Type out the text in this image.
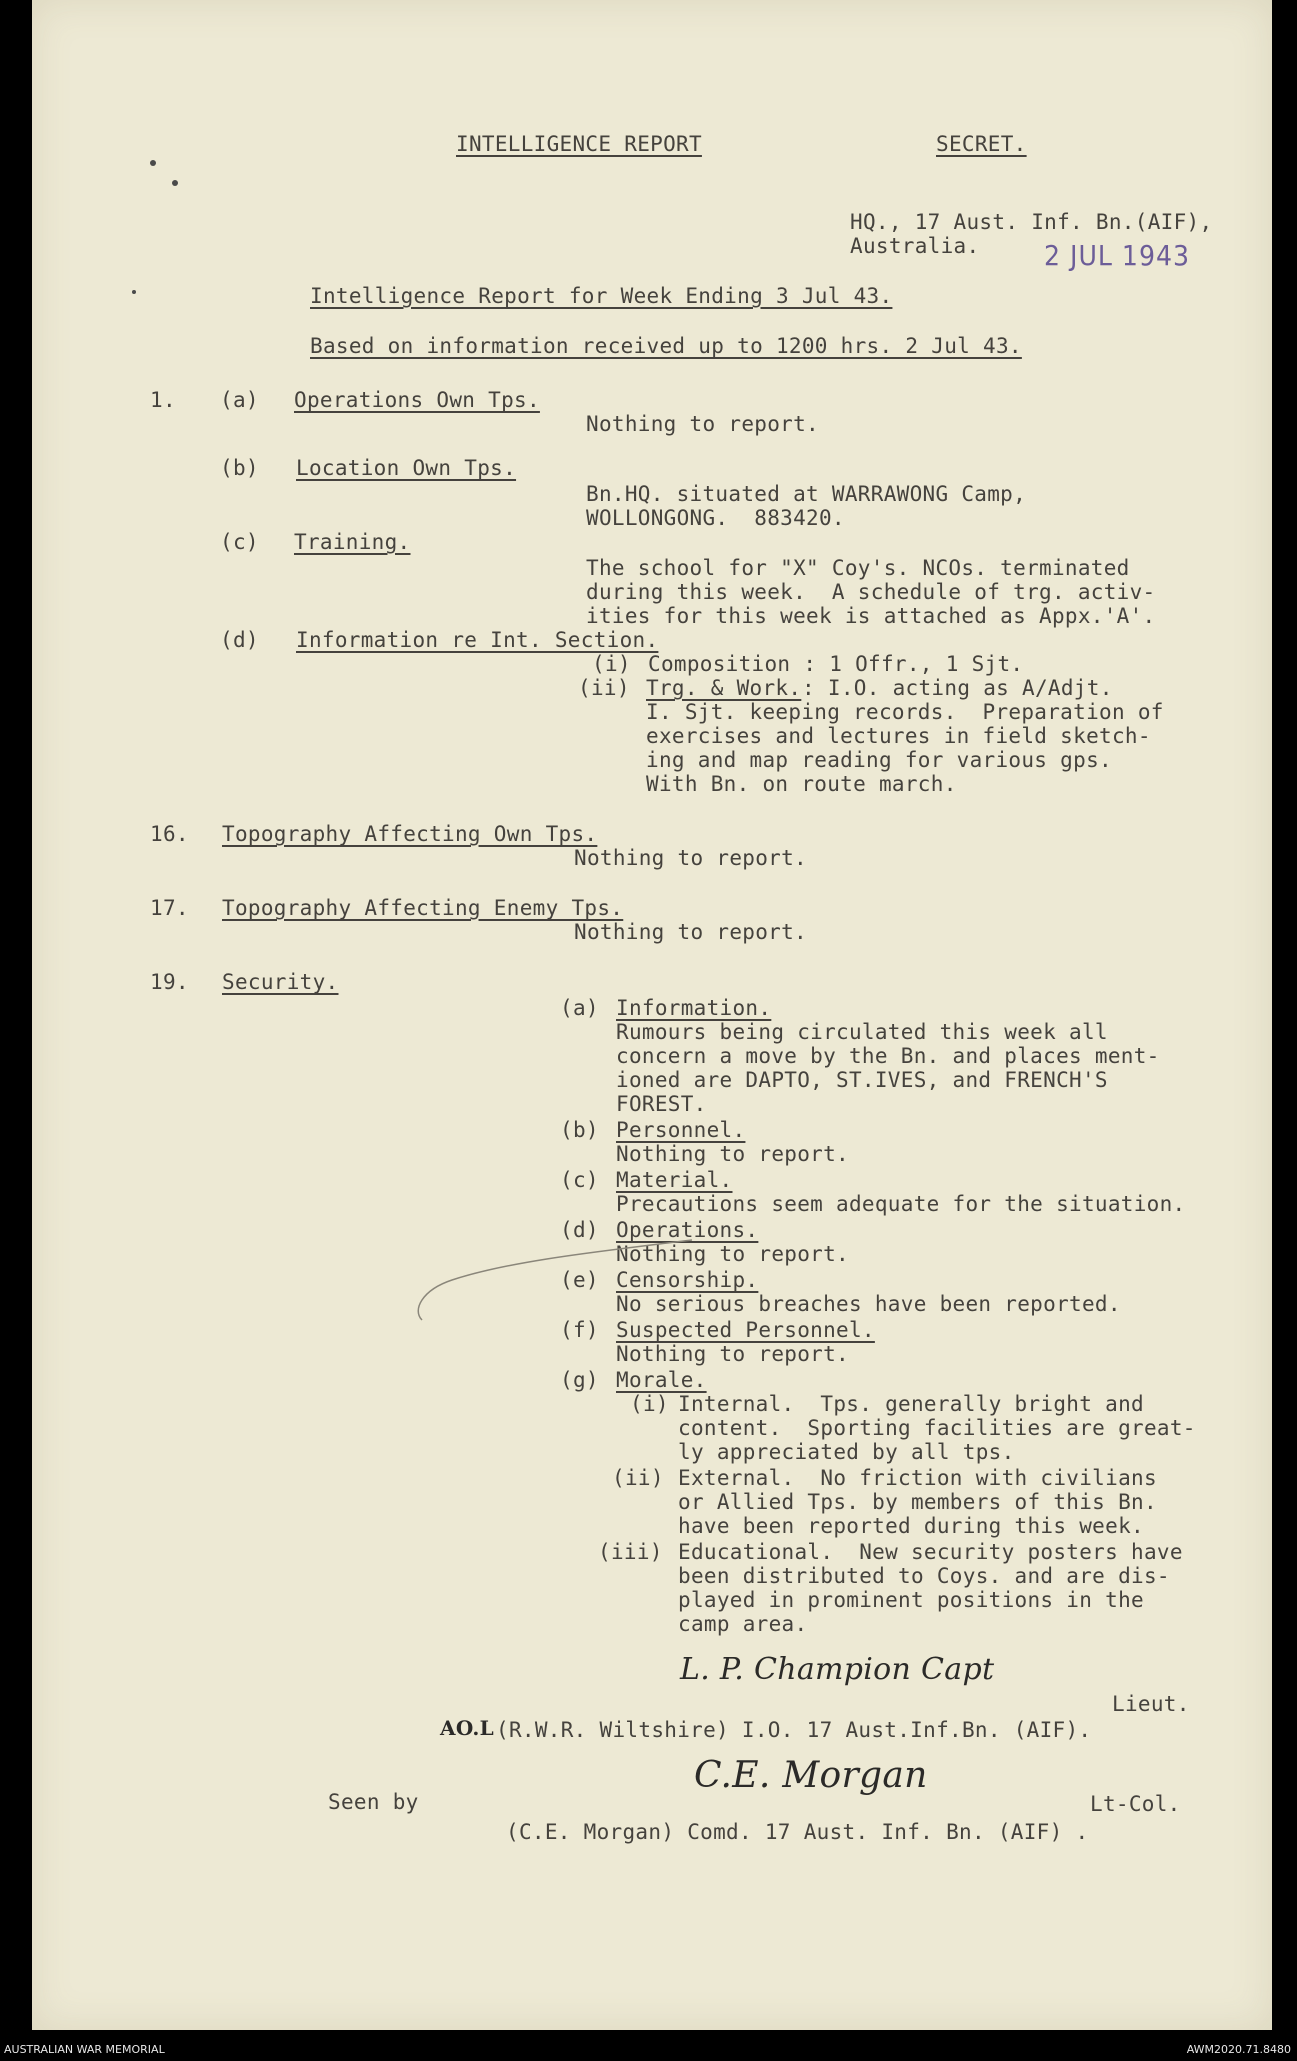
INTELLIGENCE REPORT	SECRET.
HQ., 17 Aust. Inf. Bn.(AIF),
Australia. 2 JUL 1943
Intelligence Report for Week Ending 3 Jul 43.
Based on information received up to 1200 hrs. 2 Jul 43.
1. (a) Operations Own Tps.
Nothing to report.
(b) Location Own Tps.
Bn.HQ. situated at WARRAWONG Camp,
WOLLONGONG.  883420.
(c) Training.
The school for "X" Coy's. NCOs. terminated
during this week.  A schedule of trg. activ-
ities for this week is attached as Appx.'A'.
(d) Information re Int. Section.
(i) Composition : 1 Offr., 1 Sjt.
(ii) Trg. & Work. : I.O. acting as A/Adjt.
I. Sjt. keeping records.  Preparation of
exercises and lectures in field sketch-
ing and map reading for various gps.
With Bn. on route march.
16. Topography Affecting Own Tps.
Nothing to report.
17. Topography Affecting Enemy Tps.
Nothing to report.
19. Security.
(a) Information.
Rumours being circulated this week all
concern a move by the Bn. and places ment-
ioned are DAPTO, ST.IVES, and FRENCH'S
FOREST.
(b) Personnel.
Nothing to report.
(c) Material.
Precautions seem adequate for the situation.
(d) Operations.
Nothing to report.
(e) Censorship.
No serious breaches have been reported.
(f) Suspected Personnel.
Nothing to report.
(g) Morale.
(i) Internal.  Tps. generally bright and
content.  Sporting facilities are great-
ly appreciated by all tps.
(ii) External.  No friction with civilians
or Allied Tps. by members of this Bn.
have been reported during this week.
(iii) Educational.  New security posters have
been distributed to Coys. and are dis-
played in prominent positions in the
camp area.
L. P. Champion Capt
Lieut.
AO.L (R.W.R. Wiltshire) I.O. 17 Aust.Inf.Bn. (AIF).
Seen by
C.E. Morgan
Lt-Col.
(C.E. Morgan) Comd. 17 Aust. Inf. Bn. (AIF) .
AUSTRALIAN WAR MEMORIAL	AWM2020.71.8480
